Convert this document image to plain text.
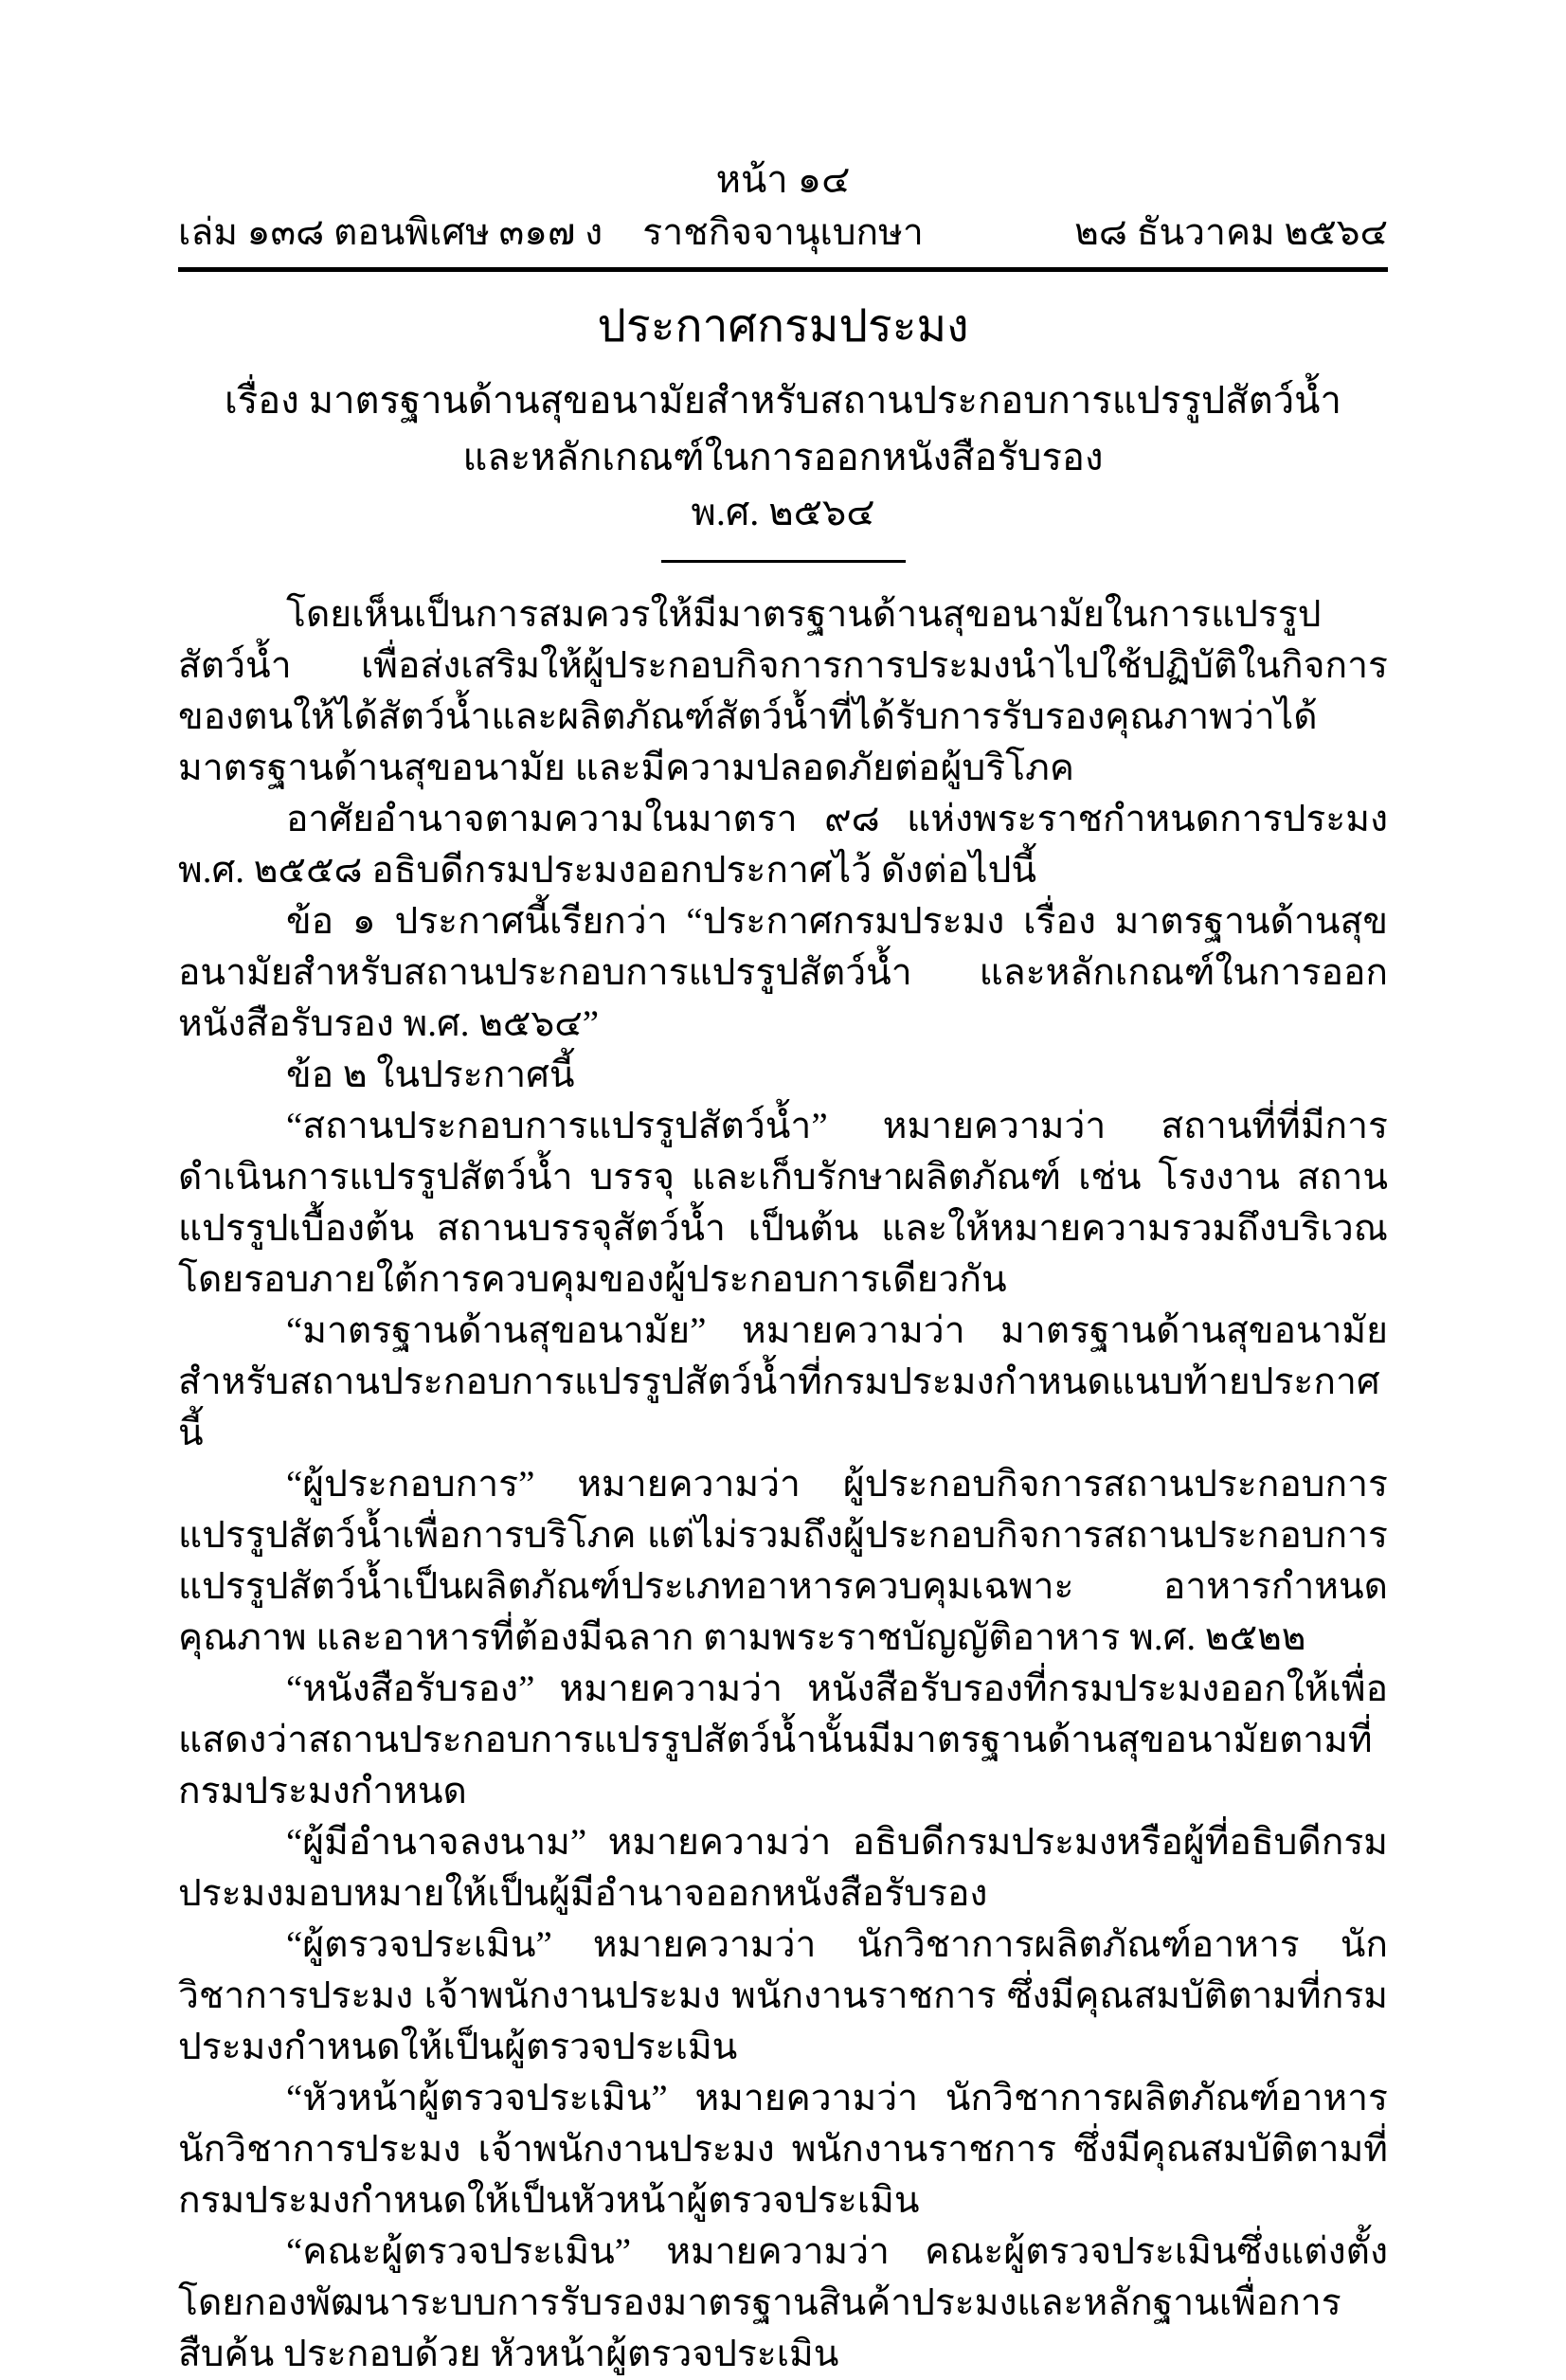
หน้า ๑๔
เล่ม ๑๓๘ ตอนพิเศษ ๓๑๗ ง	ราชกิจจานุเบกษา	๒๘ ธันวาคม ๒๕๖๔
ประกาศกรมประมง
เรื่อง มาตรฐานด้านสุขอนามัยสำหรับสถานประกอบการแปรรูปสัตว์น้ำ
และหลักเกณฑ์ในการออกหนังสือรับรอง
พ.ศ. ๒๕๖๔

โดยเห็นเป็นการสมควรให้มีมาตรฐานด้านสุขอนามัยในการแปรรูปสัตว์น้ำ เพื่อส่งเสริมให้ผู้ประกอบกิจการการประมงนำไปใช้ปฏิบัติในกิจการของตนให้ได้สัตว์น้ำและผลิตภัณฑ์สัตว์น้ำที่ได้รับการรับรองคุณภาพว่าได้มาตรฐานด้านสุขอนามัย และมีความปลอดภัยต่อผู้บริโภค

อาศัยอำนาจตามความในมาตรา ๙๘ แห่งพระราชกำหนดการประมง พ.ศ. ๒๕๕๘ อธิบดีกรมประมงออกประกาศไว้ ดังต่อไปนี้

ข้อ ๑ ประกาศนี้เรียกว่า “ประกาศกรมประมง เรื่อง มาตรฐานด้านสุขอนามัยสำหรับสถานประกอบการแปรรูปสัตว์น้ำ และหลักเกณฑ์ในการออกหนังสือรับรอง พ.ศ. ๒๕๖๔”

ข้อ ๒ ในประกาศนี้

“สถานประกอบการแปรรูปสัตว์น้ำ” หมายความว่า สถานที่ที่มีการดำเนินการแปรรูปสัตว์น้ำ บรรจุ และเก็บรักษาผลิตภัณฑ์ เช่น โรงงาน สถานแปรรูปเบื้องต้น สถานบรรจุสัตว์น้ำ เป็นต้น และให้หมายความรวมถึงบริเวณโดยรอบภายใต้การควบคุมของผู้ประกอบการเดียวกัน

“มาตรฐานด้านสุขอนามัย” หมายความว่า มาตรฐานด้านสุขอนามัยสำหรับสถานประกอบการแปรรูปสัตว์น้ำที่กรมประมงกำหนดแนบท้ายประกาศนี้

“ผู้ประกอบการ” หมายความว่า ผู้ประกอบกิจการสถานประกอบการแปรรูปสัตว์น้ำเพื่อการบริโภค แต่ไม่รวมถึงผู้ประกอบกิจการสถานประกอบการแปรรูปสัตว์น้ำเป็นผลิตภัณฑ์ประเภทอาหารควบคุมเฉพาะ อาหารกำหนดคุณภาพ และอาหารที่ต้องมีฉลาก ตามพระราชบัญญัติอาหาร พ.ศ. ๒๕๒๒

“หนังสือรับรอง” หมายความว่า หนังสือรับรองที่กรมประมงออกให้เพื่อแสดงว่าสถานประกอบการแปรรูปสัตว์น้ำนั้นมีมาตรฐานด้านสุขอนามัยตามที่กรมประมงกำหนด

“ผู้มีอำนาจลงนาม” หมายความว่า อธิบดีกรมประมงหรือผู้ที่อธิบดีกรมประมงมอบหมายให้เป็นผู้มีอำนาจออกหนังสือรับรอง

“ผู้ตรวจประเมิน” หมายความว่า นักวิชาการผลิตภัณฑ์อาหาร นักวิชาการประมง เจ้าพนักงานประมง พนักงานราชการ ซึ่งมีคุณสมบัติตามที่กรมประมงกำหนดให้เป็นผู้ตรวจประเมิน

“หัวหน้าผู้ตรวจประเมิน” หมายความว่า นักวิชาการผลิตภัณฑ์อาหาร นักวิชาการประมง เจ้าพนักงานประมง พนักงานราชการ ซึ่งมีคุณสมบัติตามที่กรมประมงกำหนดให้เป็นหัวหน้าผู้ตรวจประเมิน

“คณะผู้ตรวจประเมิน” หมายความว่า คณะผู้ตรวจประเมินซึ่งแต่งตั้งโดยกองพัฒนาระบบการรับรองมาตรฐานสินค้าประมงและหลักฐานเพื่อการสืบค้น ประกอบด้วย หัวหน้าผู้ตรวจประเมิน
